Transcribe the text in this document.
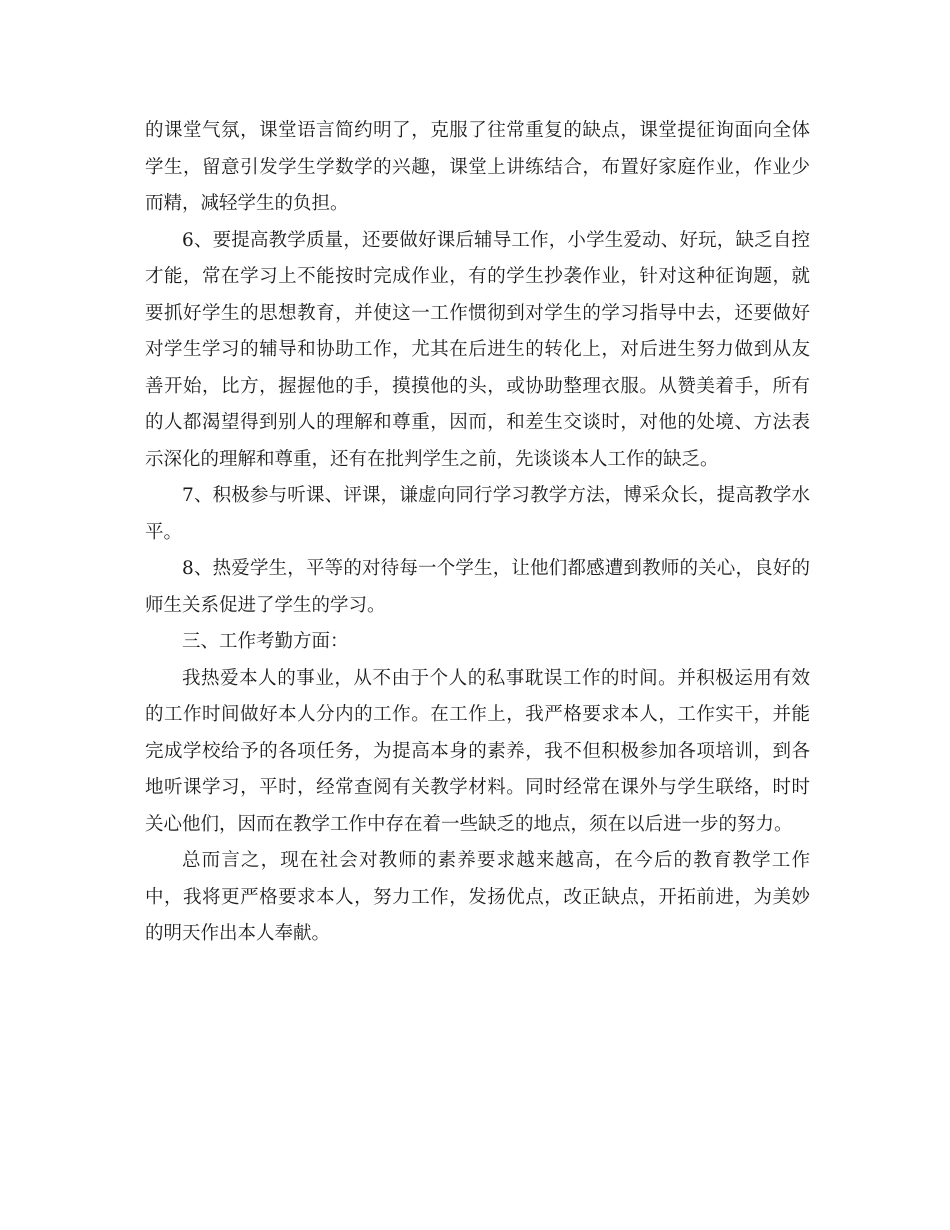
的课堂气氛，课堂语言简约明了，克服了往常重复的缺点，课堂提征询面向全体学生，留意引发学生学数学的兴趣，课堂上讲练结合，布置好家庭作业，作业少而精，减轻学生的负担。

6、要提高教学质量，还要做好课后辅导工作，小学生爱动、好玩，缺乏自控才能，常在学习上不能按时完成作业，有的学生抄袭作业，针对这种征询题，就要抓好学生的思想教育，并使这一工作惯彻到对学生的学习指导中去，还要做好对学生学习的辅导和协助工作，尤其在后进生的转化上，对后进生努力做到从友善开始，比方，握握他的手，摸摸他的头，或协助整理衣服。从赞美着手，所有的人都渴望得到别人的理解和尊重，因而，和差生交谈时，对他的处境、方法表示深化的理解和尊重，还有在批判学生之前，先谈谈本人工作的缺乏。

7、积极参与听课、评课，谦虚向同行学习教学方法，博采众长，提高教学水平。

8、热爱学生，平等的对待每一个学生，让他们都感遭到教师的关心，良好的师生关系促进了学生的学习。

三、工作考勤方面：

我热爱本人的事业，从不由于个人的私事耽误工作的时间。并积极运用有效的工作时间做好本人分内的工作。在工作上，我严格要求本人，工作实干，并能完成学校给予的各项任务，为提高本身的素养，我不但积极参加各项培训，到各地听课学习，平时，经常查阅有关教学材料。同时经常在课外与学生联络，时时关心他们，因而在教学工作中存在着一些缺乏的地点，须在以后进一步的努力。

总而言之，现在社会对教师的素养要求越来越高，在今后的教育教学工作中，我将更严格要求本人，努力工作，发扬优点，改正缺点，开拓前进，为美妙的明天作出本人奉献。
